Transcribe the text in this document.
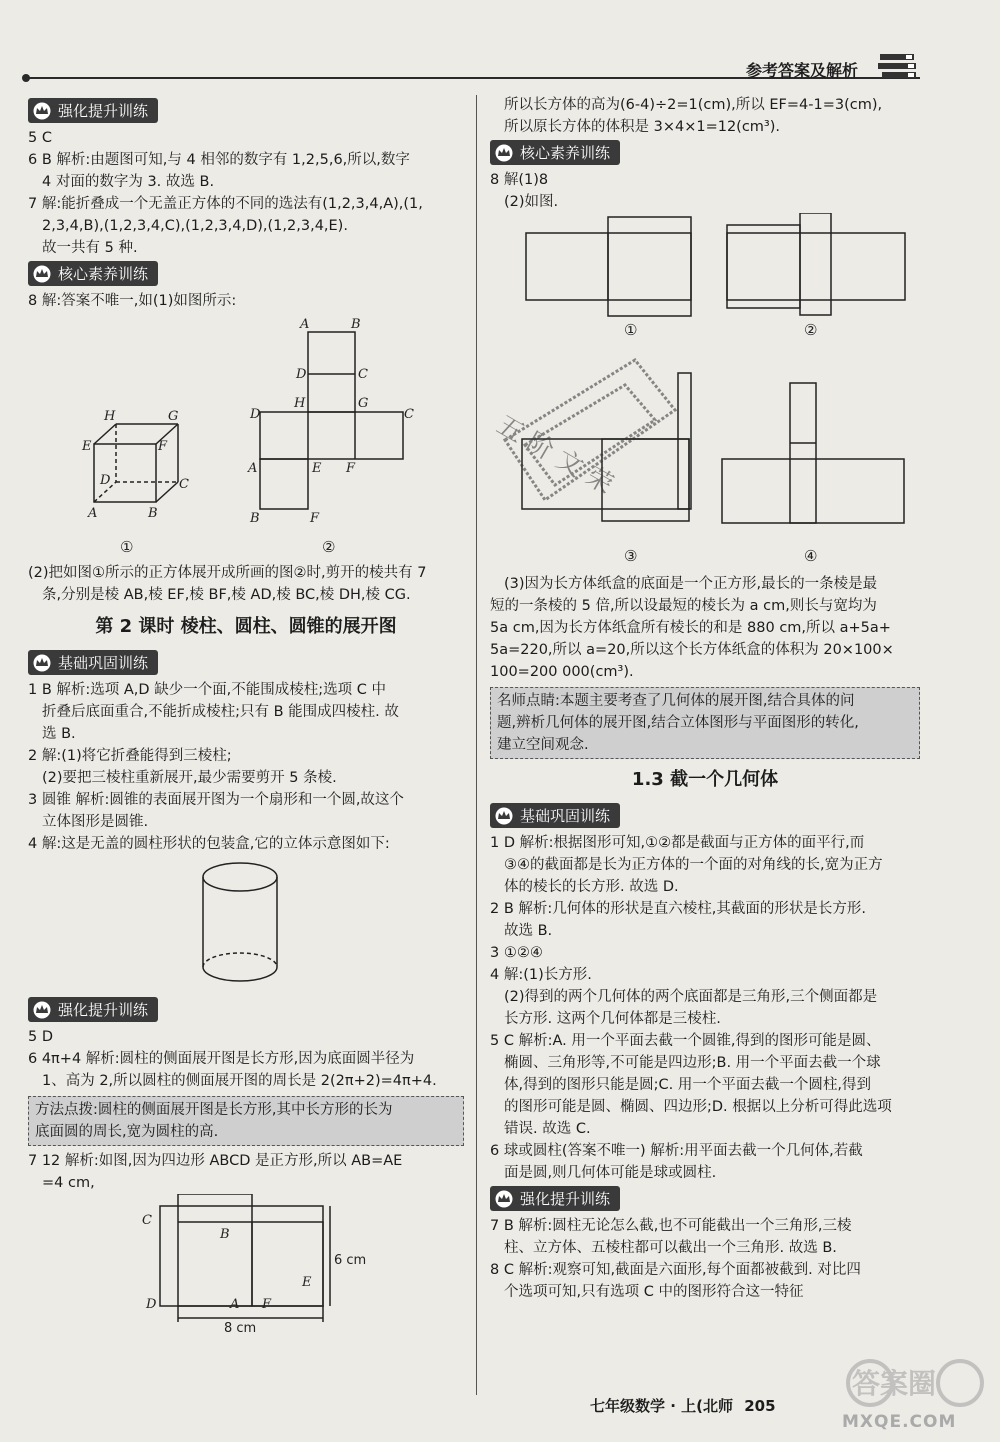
参考答案及解析
强化提升训练

5 C

6 B 解析:由题图可知,与 4 相邻的数字有 1,2,5,6,所以,数字

4 对面的数字为 3. 故选 B.

7 解:能折叠成一个无盖正方体的不同的选法有(1,2,3,4,A),(1,

2,3,4,B),(1,2,3,4,C),(1,2,3,4,D),(1,2,3,4,E).

故一共有 5 种.

核心素养训练

8 解:答案不唯一,如(1)如图所示:

H	G
E	F
D	C
A	B
A	B
D	C
D
H	G
C
A	E F
B	F
①	②

(2)把如图①所示的正方体展开成所画的图②时,剪开的棱共有 7

条,分别是棱 AB,棱 EF,棱 BF,棱 AD,棱 BC,棱 DH,棱 CG.

第 2 课时 棱柱、圆柱、圆锥的展开图
基础巩固训练

1 B 解析:选项 A,D 缺少一个面,不能围成棱柱;选项 C 中

折叠后底面重合,不能折成棱柱;只有 B 能围成四棱柱. 故

选 B.

2 解:(1)将它折叠能得到三棱柱;

(2)要把三棱柱重新展开,最少需要剪开 5 条棱.

3 圆锥 解析:圆锥的表面展开图为一个扇形和一个圆,故这个

立体图形是圆锥.

4 解:这是无盖的圆柱形状的包装盒,它的立体示意图如下:

强化提升训练

5 D

6 4π+4 解析:圆柱的侧面展开图是长方形,因为底面圆半径为

1、高为 2,所以圆柱的侧面展开图的周长是 2(2π+2)=4π+4.

方法点拨:圆柱的侧面展开图是长方形,其中长方形的长为

底面圆的周长,宽为圆柱的高.

7 12 解析:如图,因为四边形 ABCD 是正方形,所以 AB=AE

=4 cm,

C
B
E
D	A F
6 cm
8 cm

所以长方体的高为(6-4)÷2=1(cm),所以 EF=4-1=3(cm),

所以原长方体的体积是 3×4×1=12(cm³).

核心素养训练

8 解(1)8

(2)如图.

①	②
③	④

(3)因为长方体纸盒的底面是一个正方形,最长的一条棱是最

短的一条棱的 5 倍,所以设最短的棱长为 a cm,则长与宽均为

5a cm,因为长方体纸盒所有棱长的和是 880 cm,所以 a+5a+

5a=220,所以 a=20,所以这个长方体纸盒的体积为 20×100×

100=200 000(cm³).

名师点睛:本题主要考查了几何体的展开图,结合具体的问

题,辨析几何体的展开图,结合立体图形与平面图形的转化,

建立空间观念.

1.3 截一个几何体
基础巩固训练

1 D 解析:根据图形可知,①②都是截面与正方体的面平行,而

③④的截面都是长为正方体的一个面的对角线的长,宽为正方

体的棱长的长方形. 故选 D.

2 B 解析:几何体的形状是直六棱柱,其截面的形状是长方形.

故选 B.

3 ①②④

4 解:(1)长方形.

(2)得到的两个几何体的两个底面都是三角形,三个侧面都是

长方形. 这两个几何体都是三棱柱.

5 C 解析:A. 用一个平面去截一个圆锥,得到的图形可能是圆、

椭圆、三角形等,不可能是四边形;B. 用一个平面去截一个球

体,得到的图形只能是圆;C. 用一个平面去截一个圆柱,得到

的图形可能是圆、椭圆、四边形;D. 根据以上分析可得此选项

错误. 故选 C.

6 球或圆柱(答案不唯一) 解析:用平面去截一个几何体,若截

面是圆,则几何体可能是球或圆柱.

强化提升训练

7 B 解析:圆柱无论怎么截,也不可能截出一个三角形,三棱

柱、立方体、五棱柱都可以截出一个三角形. 故选 B.

8 C 解析:观察可知,截面是六面形,每个面都被截到. 对比四

个选项可知,只有选项 C 中的图形符合这一特征

五 阶 文 荣
七年级数学 · 上(北师 205
答案圈
MXQE.COM
